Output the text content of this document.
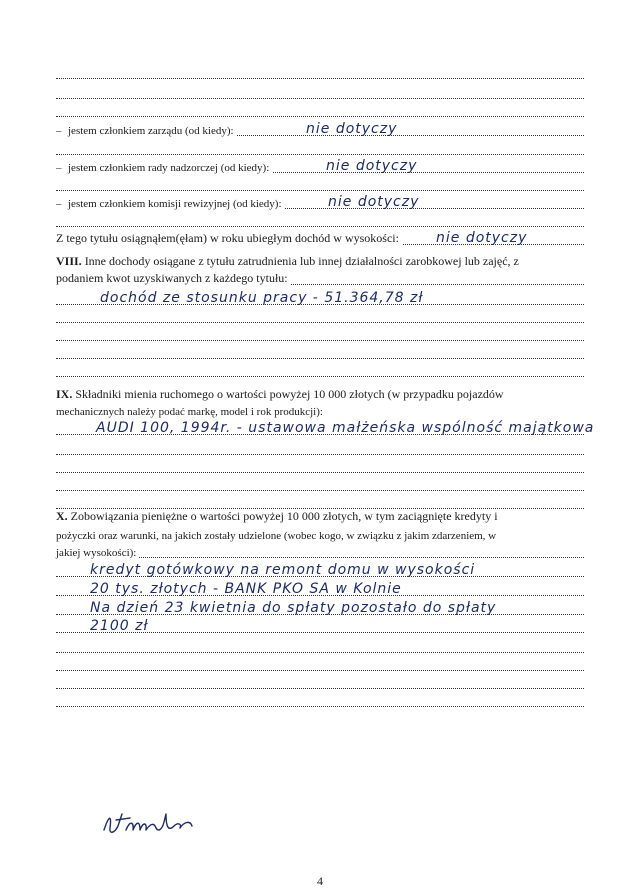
– jestem członkiem zarządu (od kiedy):	nie dotyczy
– jestem członkiem rady nadzorczej (od kiedy):	nie dotyczy
– jestem członkiem komisji rewizyjnej (od kiedy):	nie dotyczy
Z tego tytułu osiągnąłem(ęłam) w roku ubiegłym dochód w wysokości:	nie dotyczy
VIII. Inne dochody osiągane z tytułu zatrudnienia lub innej działalności zarobkowej lub zajęć, z
podaniem kwot uzyskiwanych z każdego tytułu:
dochód ze stosunku pracy - 51.364,78 zł
IX. Składniki mienia ruchomego o wartości powyżej 10 000 złotych (w przypadku pojazdów
mechanicznych należy podać markę, model i rok produkcji):
AUDI 100, 1994r. - ustawowa małżeńska wspólność majątkowa
X. Zobowiązania pieniężne o wartości powyżej 10 000 złotych, w tym zaciągnięte kredyty i
pożyczki oraz warunki, na jakich zostały udzielone (wobec kogo, w związku z jakim zdarzeniem, w
jakiej wysokości):
kredyt gotówkowy na remont domu w wysokości
20 tys. złotych - BANK PKO SA w Kolnie
Na dzień 23 kwietnia do spłaty pozostało do spłaty
2100 zł
4
